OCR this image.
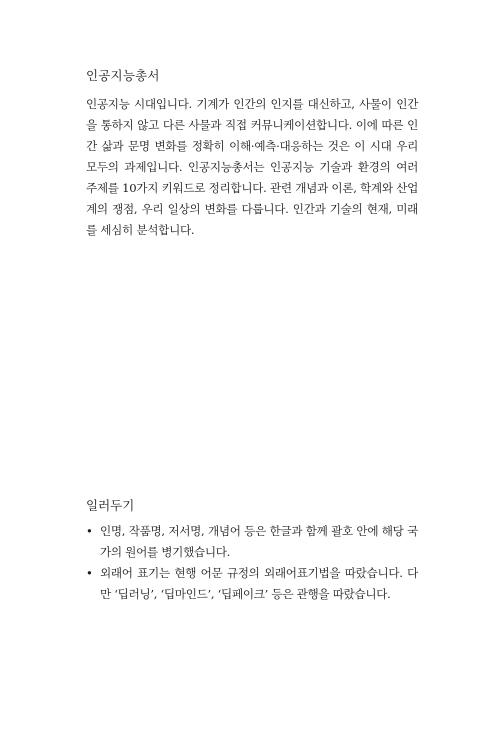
인공지능총서

인공지능 시대입니다. 기계가 인간의 인지를 대신하고, 사물이 인간을 통하지 않고 다른 사물과 직접 커뮤니케이션합니다. 이에 따른 인간 삶과 문명 변화를 정확히 이해·예측·대응하는 것은 이 시대 우리 모두의 과제입니다. 인공지능총서는 인공지능 기술과 환경의 여러 주제를 10가지 키워드로 정리합니다. 관련 개념과 이론, 학계와 산업계의 쟁점, 우리 일상의 변화를 다룹니다. 인간과 기술의 현재, 미래를 세심히 분석합니다.

일러두기
• 인명, 작품명, 저서명, 개념어 등은 한글과 함께 괄호 안에 해당 국가의 원어를 병기했습니다.
• 외래어 표기는 현행 어문 규정의 외래어표기법을 따랐습니다. 다만 ‘딥러닝’, ‘딥마인드’, ‘딥페이크’ 등은 관행을 따랐습니다.
